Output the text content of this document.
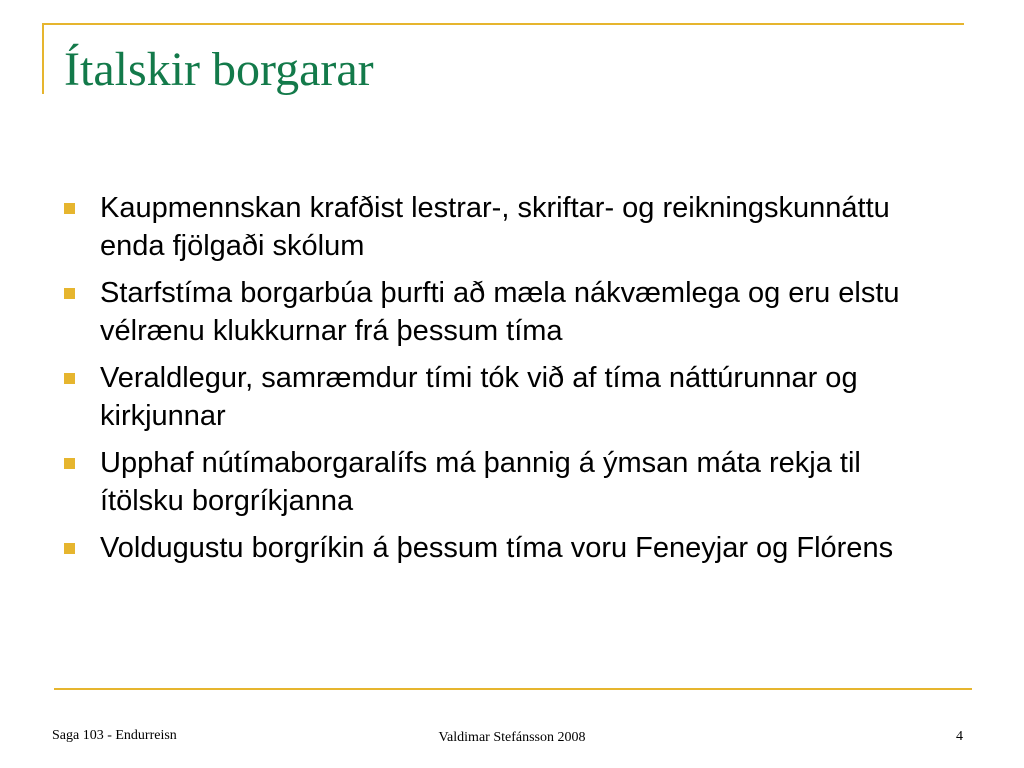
Ítalskir borgarar
Kaupmennskan krafðist lestrar-, skriftar- og reikningskunnáttu enda fjölgaði skólum
Starfstíma borgarbúa þurfti að mæla nákvæmlega og eru elstu vélrænu klukkurnar frá þessum tíma
Veraldlegur, samræmdur tími tók við af tíma náttúrunnar og kirkjunnar
Upphaf nútímaborgaralífs má þannig á ýmsan máta rekja til ítölsku borgríkjanna
Voldugustu borgríkin á þessum tíma voru Feneyjar og Flórens
Saga 103 - Endurreisn	Valdimar Stefánsson 2008	4
